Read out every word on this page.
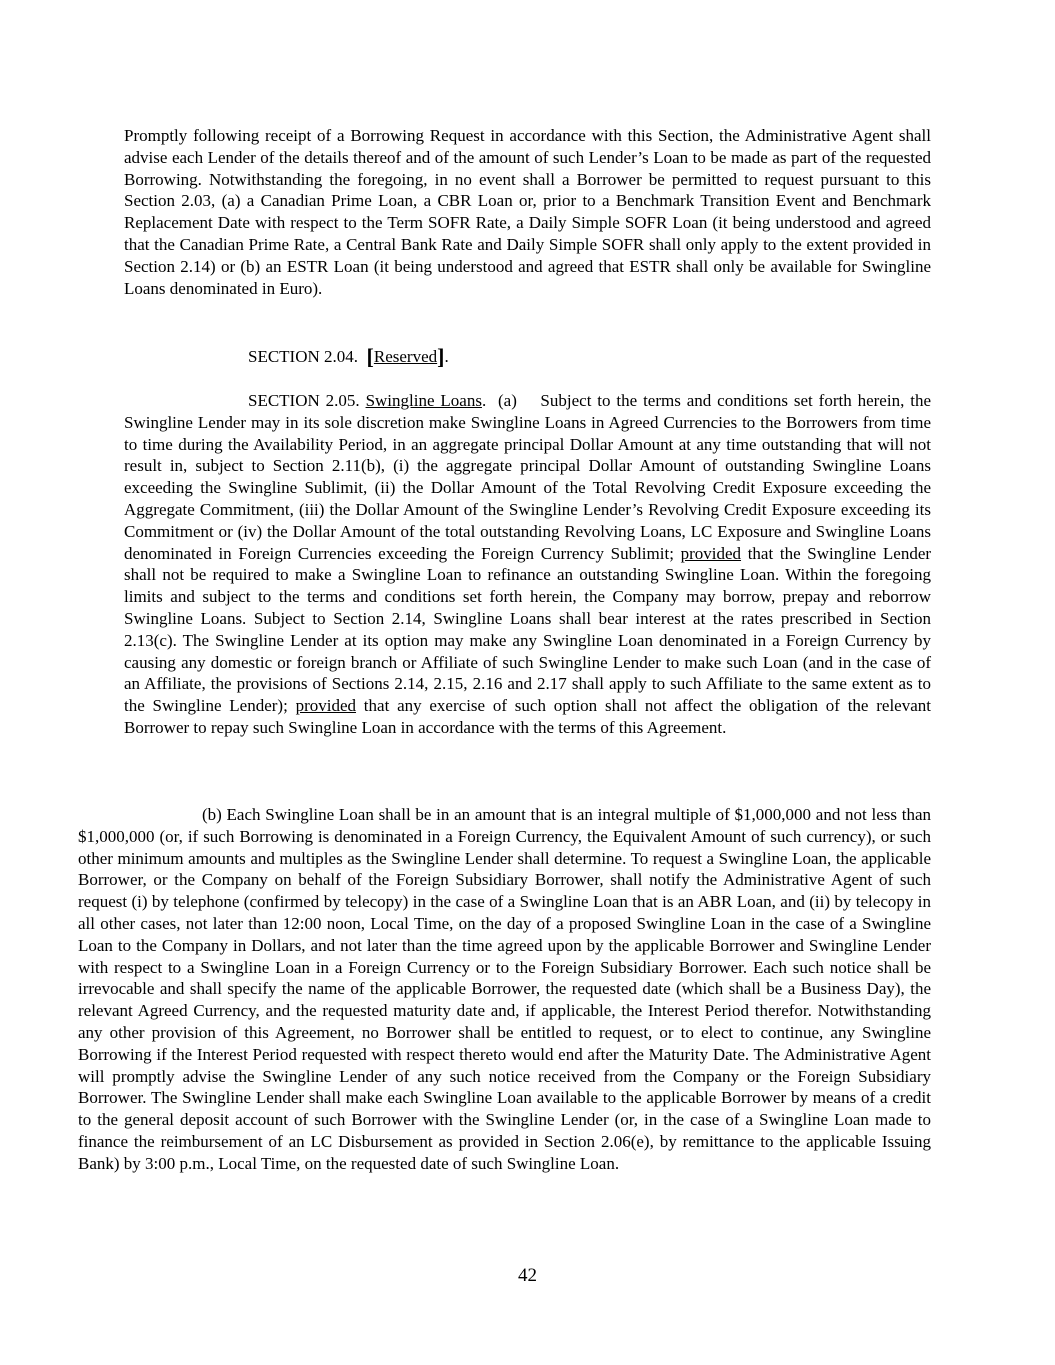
Promptly following receipt of a Borrowing Request in accordance with this Section, the Administrative Agent shall advise each Lender of the details thereof and of the amount of such Lender’s Loan to be made as part of the requested Borrowing. Notwithstanding the foregoing, in no event shall a Borrower be permitted to request pursuant to this Section 2.03, (a) a Canadian Prime Loan, a CBR Loan or, prior to a Benchmark Transition Event and Benchmark Replacement Date with respect to the Term SOFR Rate, a Daily Simple SOFR Loan (it being understood and agreed that the Canadian Prime Rate, a Central Bank Rate and Daily Simple SOFR shall only apply to the extent provided in Section 2.14) or (b) an ESTR Loan (it being understood and agreed that ESTR shall only be available for Swingline Loans denominated in Euro).

SECTION 2.04. [Reserved].

SECTION 2.05. Swingline Loans. (a) Subject to the terms and conditions set forth herein, the Swingline Lender may in its sole discretion make Swingline Loans in Agreed Currencies to the Borrowers from time to time during the Availability Period, in an aggregate principal Dollar Amount at any time outstanding that will not result in, subject to Section 2.11(b), (i) the aggregate principal Dollar Amount of outstanding Swingline Loans exceeding the Swingline Sublimit, (ii) the Dollar Amount of the Total Revolving Credit Exposure exceeding the Aggregate Commitment, (iii) the Dollar Amount of the Swingline Lender’s Revolving Credit Exposure exceeding its Commitment or (iv) the Dollar Amount of the total outstanding Revolving Loans, LC Exposure and Swingline Loans denominated in Foreign Currencies exceeding the Foreign Currency Sublimit; provided that the Swingline Lender shall not be required to make a Swingline Loan to refinance an outstanding Swingline Loan. Within the foregoing limits and subject to the terms and conditions set forth herein, the Company may borrow, prepay and reborrow Swingline Loans. Subject to Section 2.14, Swingline Loans shall bear interest at the rates prescribed in Section 2.13(c). The Swingline Lender at its option may make any Swingline Loan denominated in a Foreign Currency by causing any domestic or foreign branch or Affiliate of such Swingline Lender to make such Loan (and in the case of an Affiliate, the provisions of Sections 2.14, 2.15, 2.16 and 2.17 shall apply to such Affiliate to the same extent as to the Swingline Lender); provided that any exercise of such option shall not affect the obligation of the relevant Borrower to repay such Swingline Loan in accordance with the terms of this Agreement.

(b) Each Swingline Loan shall be in an amount that is an integral multiple of $1,000,000 and not less than $1,000,000 (or, if such Borrowing is denominated in a Foreign Currency, the Equivalent Amount of such currency), or such other minimum amounts and multiples as the Swingline Lender shall determine. To request a Swingline Loan, the applicable Borrower, or the Company on behalf of the Foreign Subsidiary Borrower, shall notify the Administrative Agent of such request (i) by telephone (confirmed by telecopy) in the case of a Swingline Loan that is an ABR Loan, and (ii) by telecopy in all other cases, not later than 12:00 noon, Local Time, on the day of a proposed Swingline Loan in the case of a Swingline Loan to the Company in Dollars, and not later than the time agreed upon by the applicable Borrower and Swingline Lender with respect to a Swingline Loan in a Foreign Currency or to the Foreign Subsidiary Borrower. Each such notice shall be irrevocable and shall specify the name of the applicable Borrower, the requested date (which shall be a Business Day), the relevant Agreed Currency, and the requested maturity date and, if applicable, the Interest Period therefor. Notwithstanding any other provision of this Agreement, no Borrower shall be entitled to request, or to elect to continue, any Swingline Borrowing if the Interest Period requested with respect thereto would end after the Maturity Date. The Administrative Agent will promptly advise the Swingline Lender of any such notice received from the Company or the Foreign Subsidiary Borrower. The Swingline Lender shall make each Swingline Loan available to the applicable Borrower by means of a credit to the general deposit account of such Borrower with the Swingline Lender (or, in the case of a Swingline Loan made to finance the reimbursement of an LC Disbursement as provided in Section 2.06(e), by remittance to the applicable Issuing Bank) by 3:00 p.m., Local Time, on the requested date of such Swingline Loan.

42
